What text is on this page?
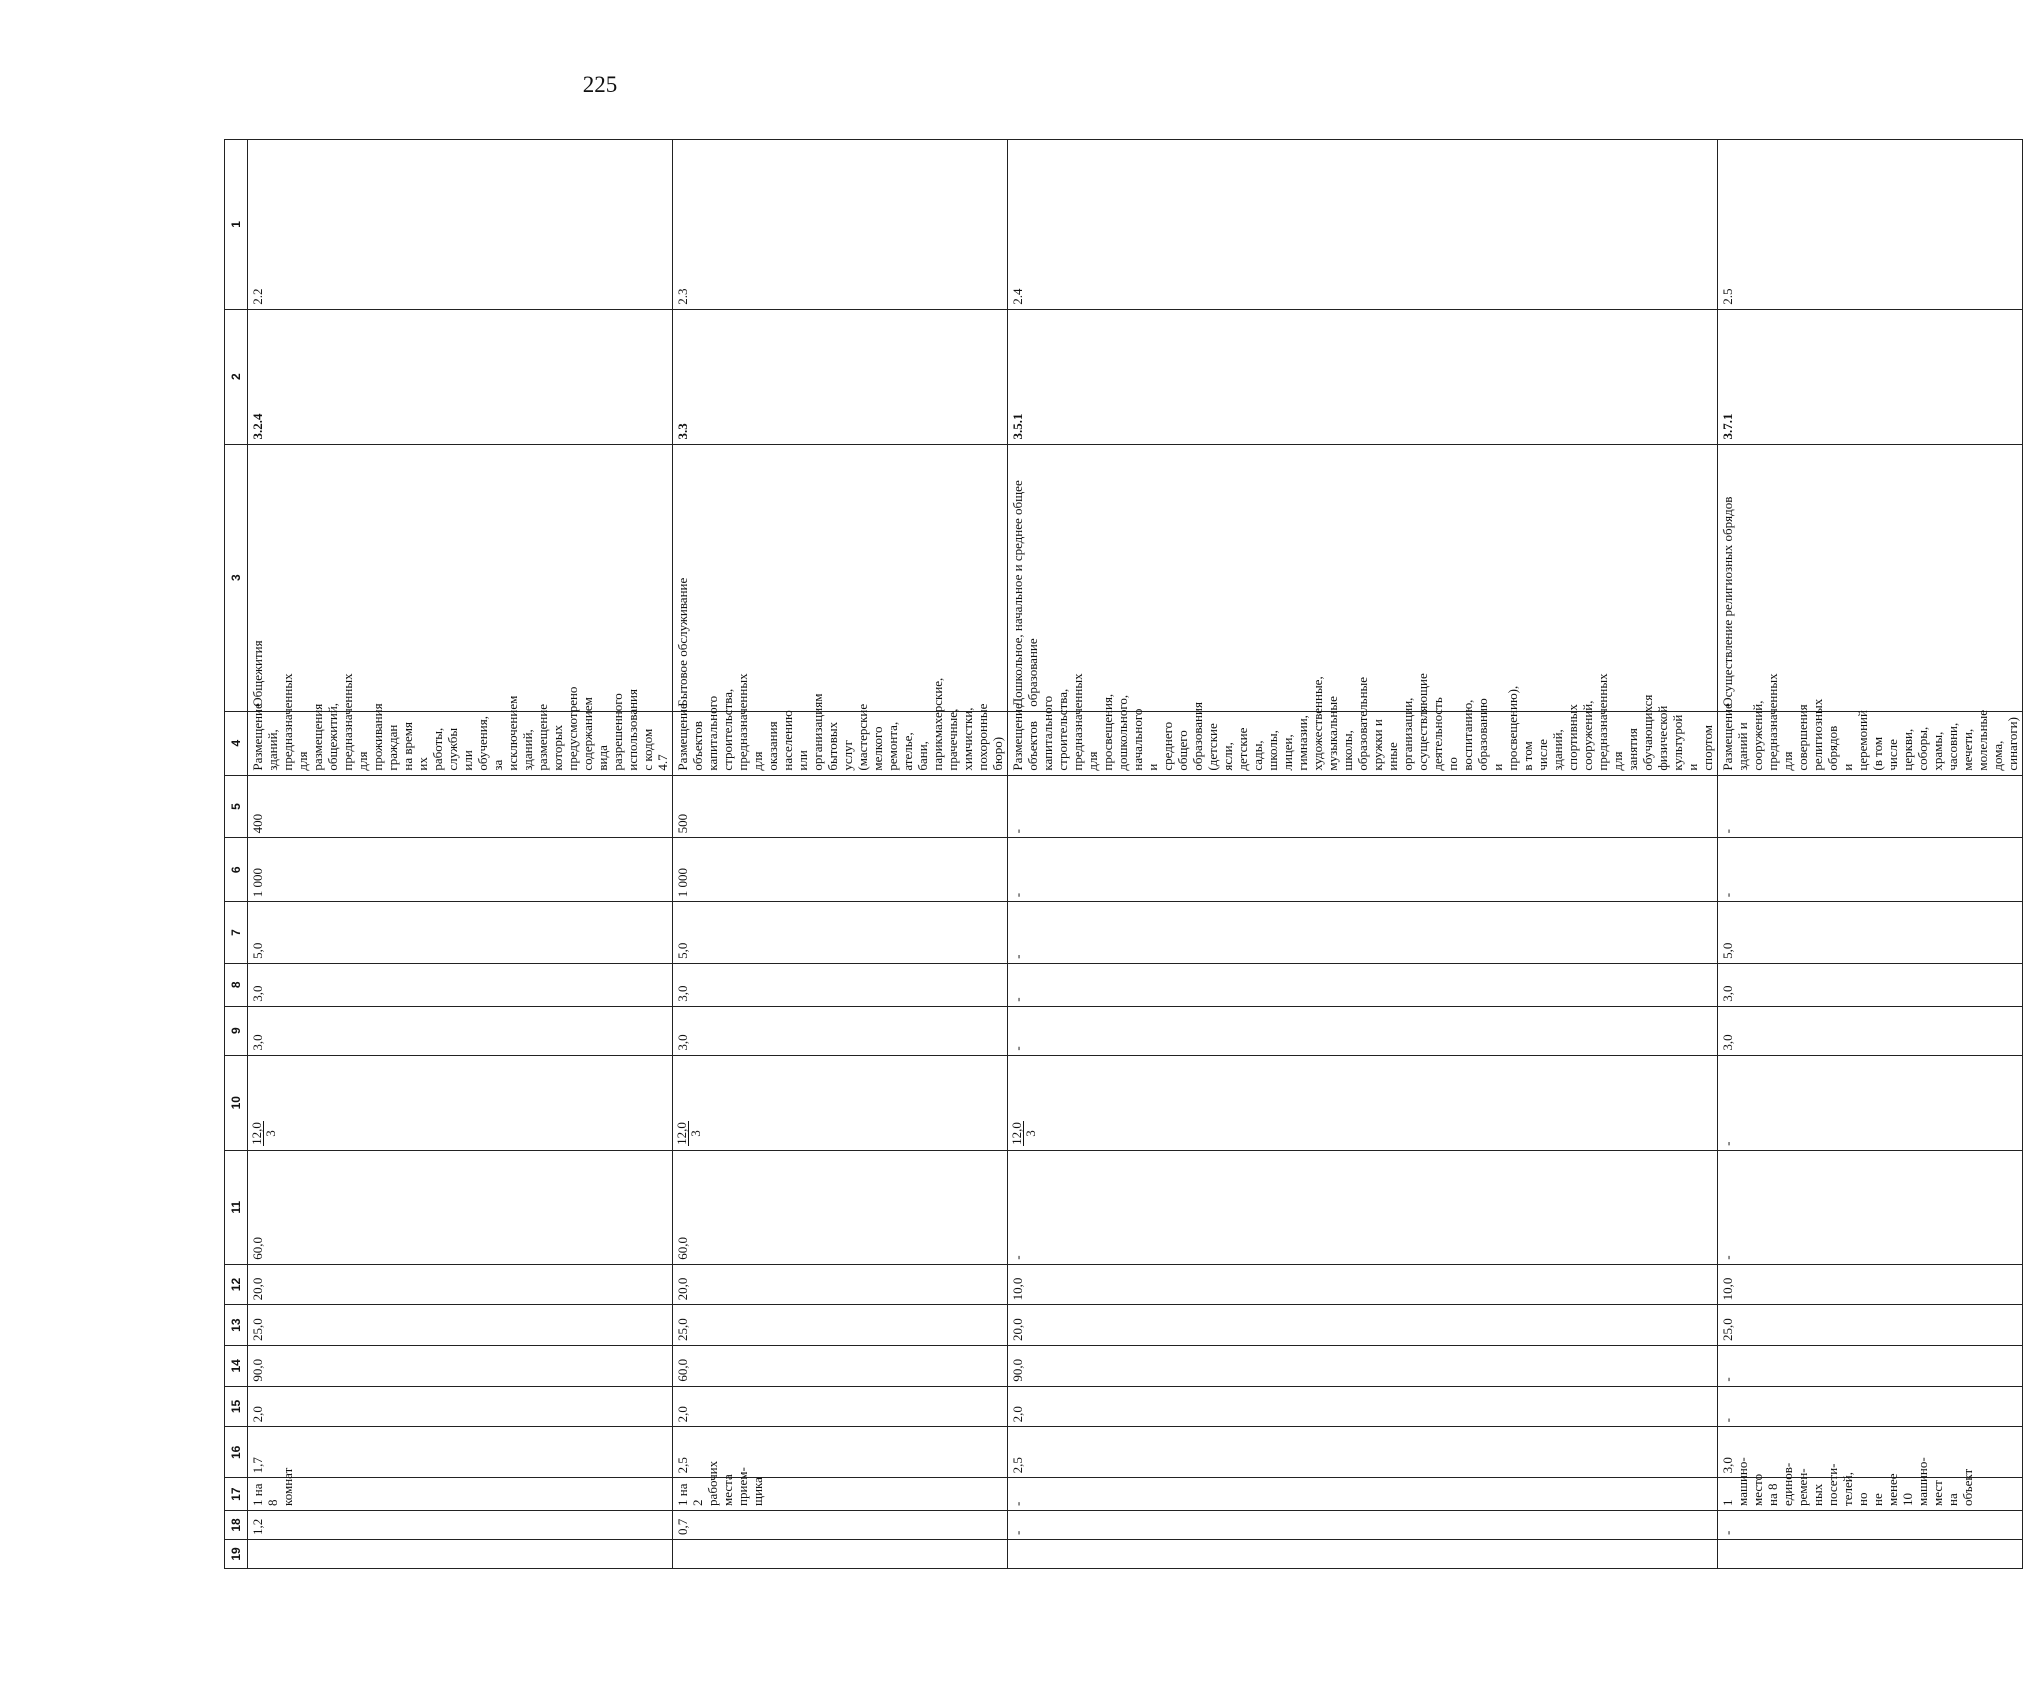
225
19	18	17	16	15	14	13	12	11	10	9	8	7	6	5	4	3	2	1
	1,2	1 на 8 комнат	1,7	2,0	90,0	25,0	20,0	60,0	12,0 3	3,0	3,0	5,0	1 000	400	Размещение зданий, предназначенных для размещения общежитий, предназначенных для проживания граждан на время их работы, службы или обучения, за исключением зданий, размещение которых предусмотрено содержанием вида разрешенного использования с кодом 4.7	Общежития	3.2.4	2.2
	0,7	1 на 2 рабочих места прием-щика	2,5	2,0	60,0	25,0	20,0	60,0	12,0 3	3,0	3,0	5,0	1 000	500	Размещение объектов капитального строительства, предназначенных для оказания населению или организациям бытовых услуг (мастерские мелкого ремонта, ателье, бани, парикмахерские, прачечные, химчистки, похоронные бюро)	Бытовое обслуживание	3.3	2.3
	-	-	2,5	2,0	90,0	20,0	10,0	-	12,0 3	-	-	-	-	-	Размещение объектов капитального строительства, предназначенных для просвещения, дошкольного, начального и среднего общего образования (детские ясли, детские сады, школы, лицеи, гимназии, художественные, музыкальные школы, образовательные кружки и иные организации, осуществляющие деятельность по воспитанию, образованию и просвещению), в том числе зданий, спортивных сооружений, предназначенных для занятия обучающихся физической культурой и спортом	Дошкольное, начальное и среднее общее образование	3.5.1	2.4
	-	1 машино-место на 8 единов-ремен-ных посети-телей, но не менее 10 машино-мест на объект	3,0	-	-	25,0	10,0	-	-	3,0	3,0	5,0	-	-	Размещение зданий и сооружений, предназначенных для совершения религиозных обрядов и церемоний (в том числе церкви, соборы, храмы, часовни, мечети, молельные дома, синагоги)	Осуществление религиозных обрядов	3.7.1	2.5
